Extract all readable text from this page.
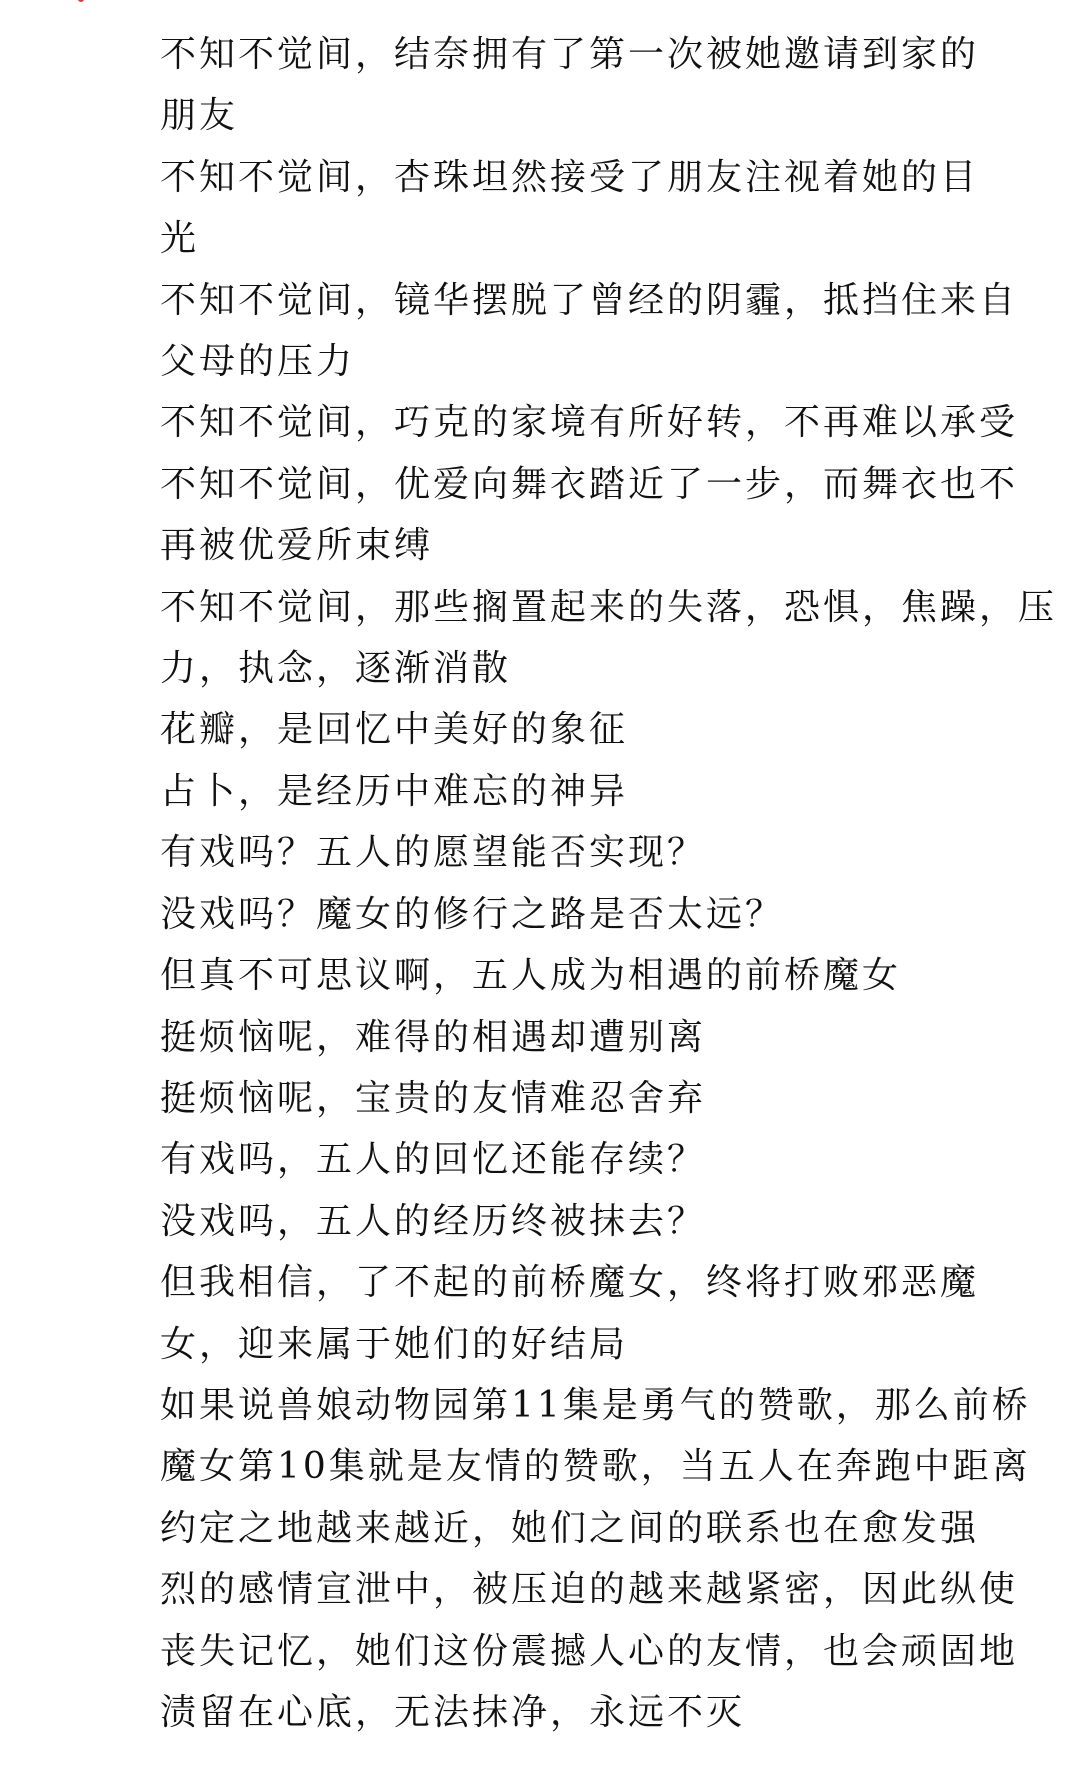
不知不觉间，结奈拥有了第一次被她邀请到家的
朋友
不知不觉间，杏珠坦然接受了朋友注视着她的目
光
不知不觉间，镜华摆脱了曾经的阴霾，抵挡住来自
父母的压力
不知不觉间，巧克的家境有所好转，不再难以承受
不知不觉间，优爱向舞衣踏近了一步，而舞衣也不
再被优爱所束缚
不知不觉间，那些搁置起来的失落，恐惧，焦躁，压
力，执念，逐渐消散
花瓣，是回忆中美好的象征
占卜，是经历中难忘的神异
有戏吗？五人的愿望能否实现？
没戏吗？魔女的修行之路是否太远？
但真不可思议啊，五人成为相遇的前桥魔女
挺烦恼呢，难得的相遇却遭别离
挺烦恼呢，宝贵的友情难忍舍弃
有戏吗，五人的回忆还能存续？
没戏吗，五人的经历终被抹去？
但我相信，了不起的前桥魔女，终将打败邪恶魔
女，迎来属于她们的好结局
如果说兽娘动物园第11集是勇气的赞歌，那么前桥
魔女第10集就是友情的赞歌，当五人在奔跑中距离
约定之地越来越近，她们之间的联系也在愈发强
烈的感情宣泄中，被压迫的越来越紧密，因此纵使
丧失记忆，她们这份震撼人心的友情，也会顽固地
渍留在心底，无法抹净，永远不灭
